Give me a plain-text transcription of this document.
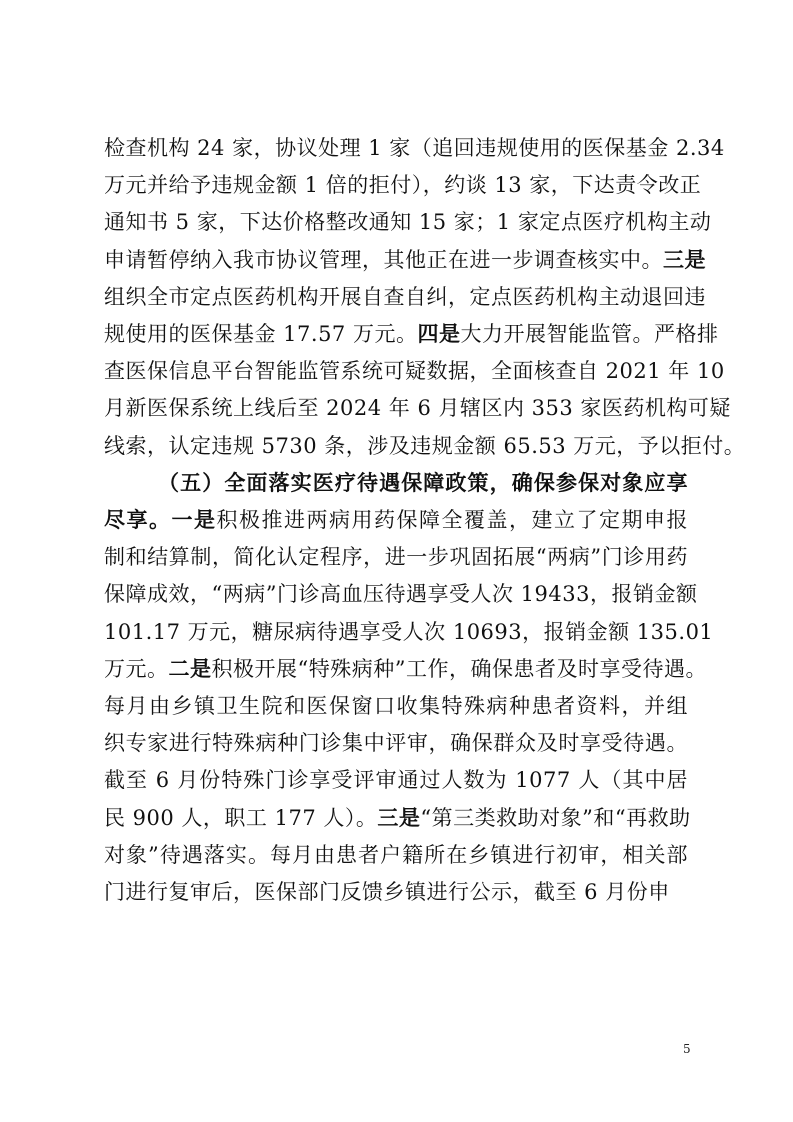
检查机构 24 家，协议处理 1 家（追回违规使用的医保基金 2.34
万元并给予违规金额 1 倍的拒付），约谈 13 家，下达责令改正
通知书 5 家，下达价格整改通知 15 家；1 家定点医疗机构主动
申请暂停纳入我市协议管理，其他正在进一步调查核实中。三是
组织全市定点医药机构开展自查自纠，定点医药机构主动退回违
规使用的医保基金 17.57 万元。四是大力开展智能监管。严格排
查医保信息平台智能监管系统可疑数据，全面核查自 2021 年 10
月新医保系统上线后至 2024 年 6 月辖区内 353 家医药机构可疑
线索，认定违规 5730 条，涉及违规金额 65.53 万元，予以拒付。
（五）全面落实医疗待遇保障政策，确保参保对象应享
尽享。一是积极推进两病用药保障全覆盖，建立了定期申报
制和结算制，简化认定程序，进一步巩固拓展“两病”门诊用药
保障成效，“两病”门诊高血压待遇享受人次 19433，报销金额
101.17 万元，糖尿病待遇享受人次 10693，报销金额 135.01
万元。二是积极开展“特殊病种”工作，确保患者及时享受待遇。
每月由乡镇卫生院和医保窗口收集特殊病种患者资料，并组
织专家进行特殊病种门诊集中评审，确保群众及时享受待遇。
截至 6 月份特殊门诊享受评审通过人数为 1077 人（其中居
民 900 人，职工 177 人）。三是“第三类救助对象”和“再救助
对象”待遇落实。每月由患者户籍所在乡镇进行初审，相关部
门进行复审后，医保部门反馈乡镇进行公示，截至 6 月份申
5
